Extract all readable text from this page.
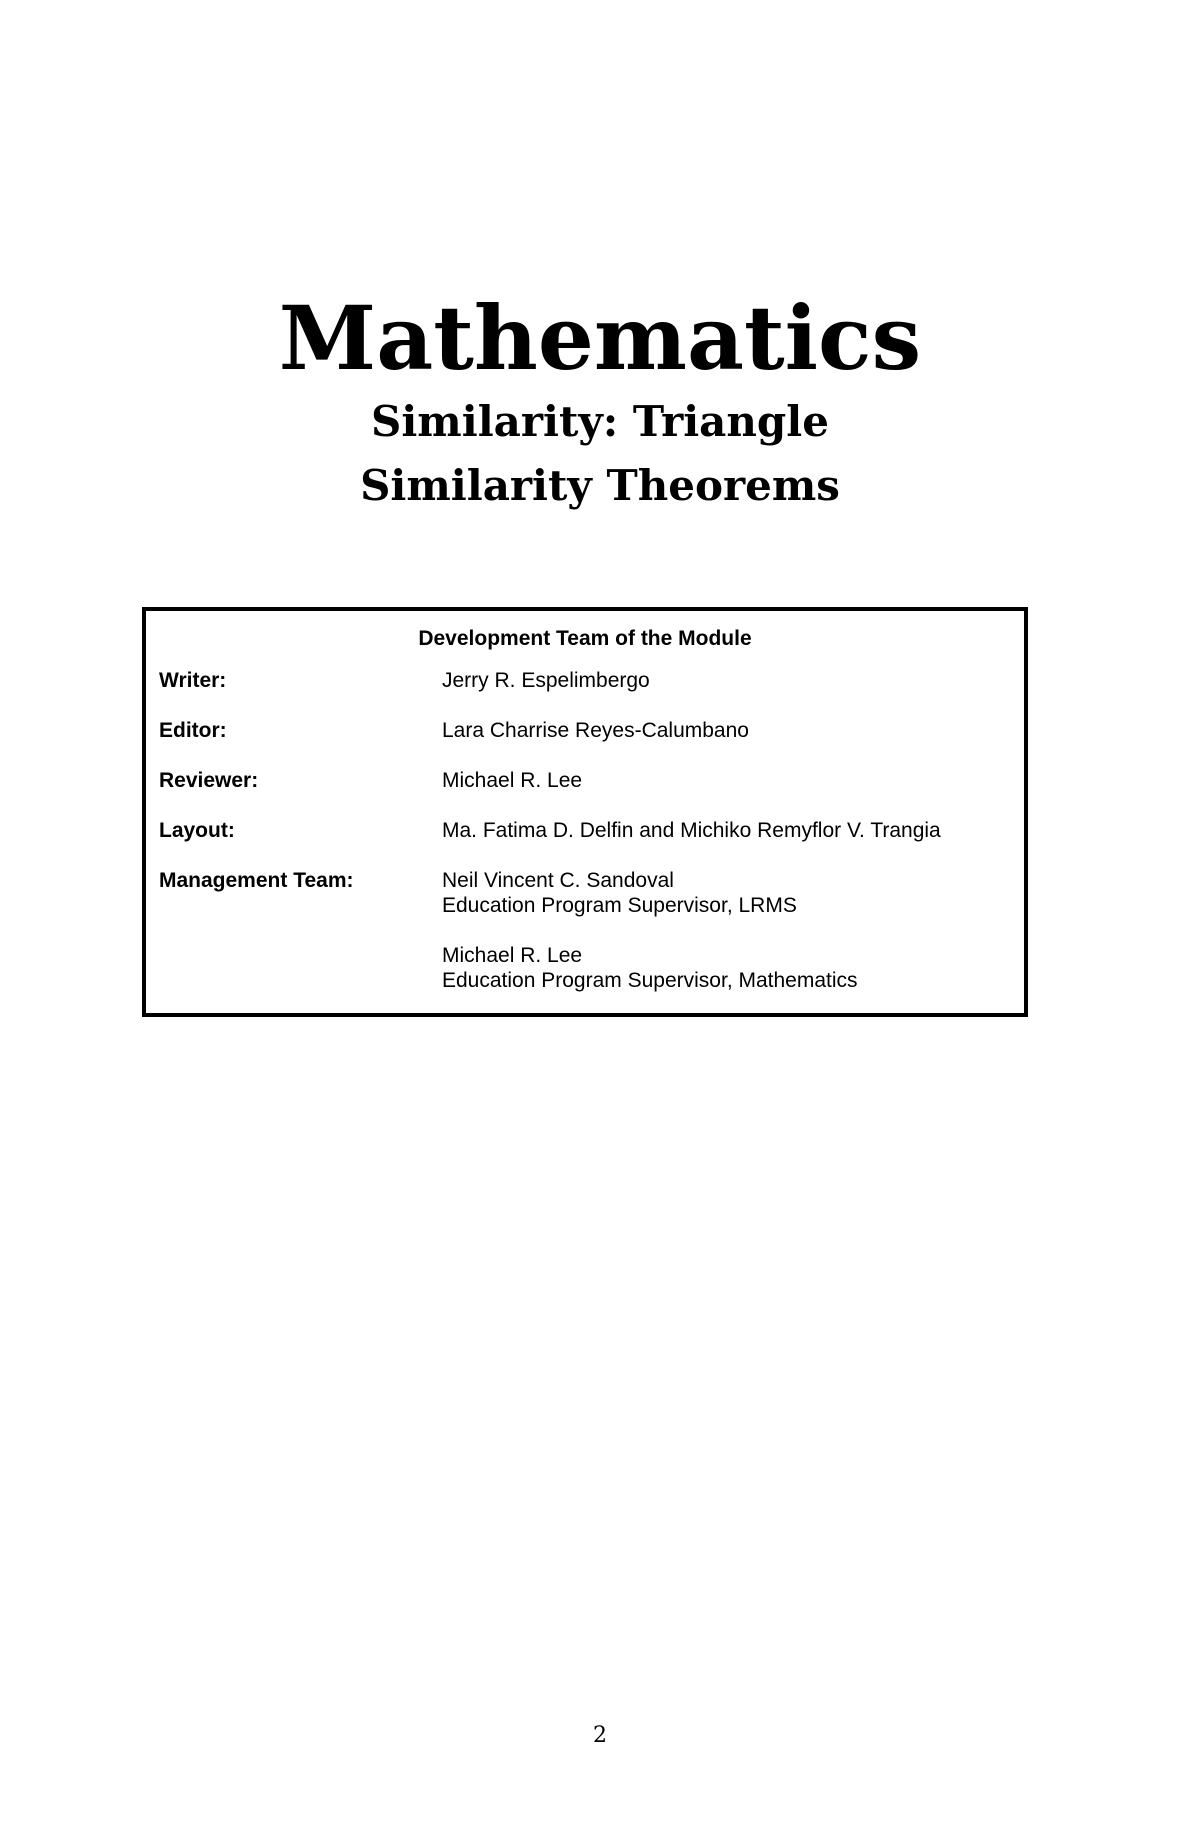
Mathematics
Similarity: Triangle
Similarity Theorems
Development Team of the Module
Writer:	Jerry R. Espelimbergo
Editor:	Lara Charrise Reyes-Calumbano
Reviewer:	Michael R. Lee
Layout:	Ma. Fatima D. Delfin and Michiko Remyflor V. Trangia
Management Team:	Neil Vincent C. Sandoval
Education Program Supervisor, LRMS
Michael R. Lee
Education Program Supervisor, Mathematics
2
